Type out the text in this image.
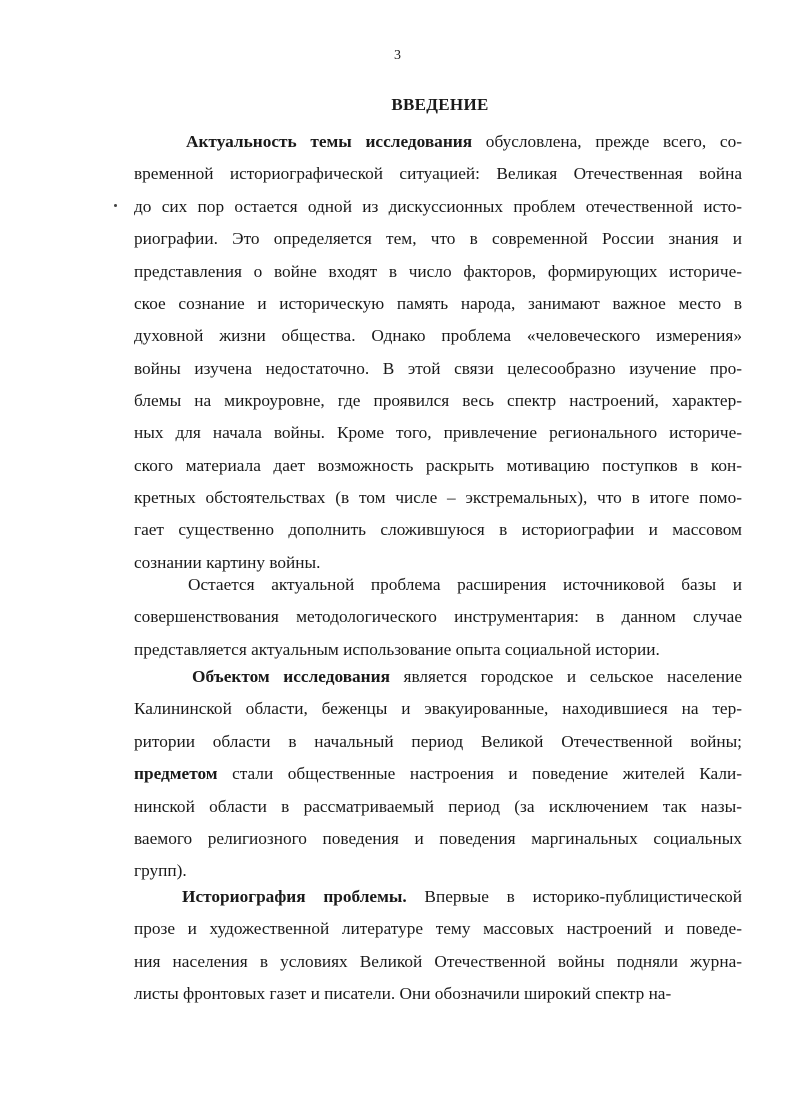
3
ВВЕДЕНИЕ
Актуальность темы исследования обусловлена, прежде всего, со-
временной историографической ситуацией: Великая Отечественная война
до сих пор остается одной из дискуссионных проблем отечественной исто-
риографии. Это определяется тем, что в современной России знания и
представления о войне входят в число факторов, формирующих историче-
ское сознание и историческую память народа, занимают важное место в
духовной жизни общества. Однако проблема «человеческого измерения»
войны изучена недостаточно. В этой связи целесообразно изучение про-
блемы на микроуровне, где проявился весь спектр настроений, характер-
ных для начала войны. Кроме того, привлечение регионального историче-
ского материала дает возможность раскрыть мотивацию поступков в кон-
кретных обстоятельствах (в том числе – экстремальных), что в итоге помо-
гает существенно дополнить сложившуюся в историографии и массовом
сознании картину войны.
Остается актуальной проблема расширения источниковой базы и
совершенствования методологического инструментария: в данном случае
представляется актуальным использование опыта социальной истории.
Объектом исследования является городское и сельское население
Калининской области, беженцы и эвакуированные, находившиеся на тер-
ритории области в начальный период Великой Отечественной войны;
предметом стали общественные настроения и поведение жителей Кали-
нинской области в рассматриваемый период (за исключением так назы-
ваемого религиозного поведения и поведения маргинальных социальных
групп).
Историография проблемы. Впервые в историко-публицистической
прозе и художественной литературе тему массовых настроений и поведе-
ния населения в условиях Великой Отечественной войны подняли журна-
листы фронтовых газет и писатели. Они обозначили широкий спектр на-
